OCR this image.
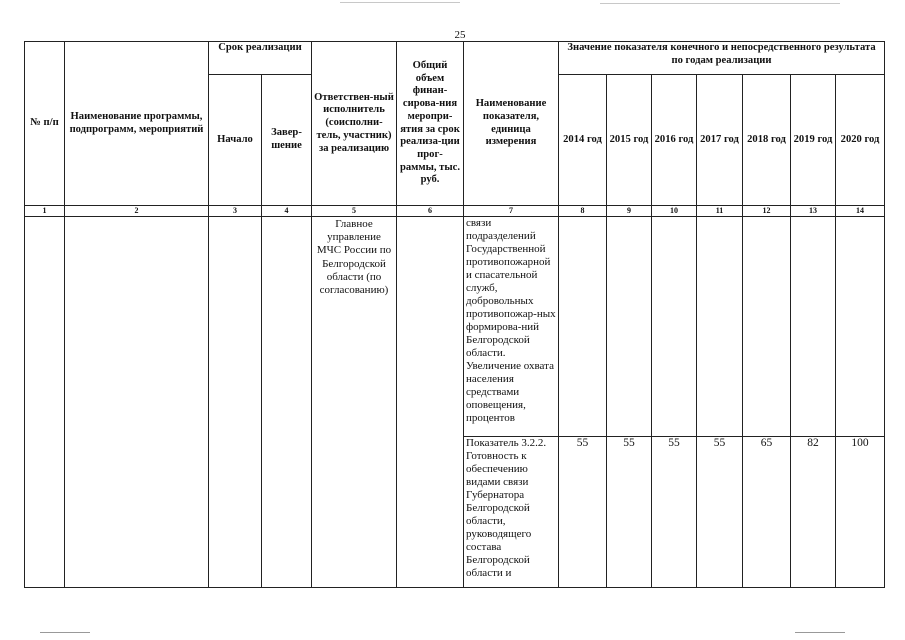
25
№ п/п	Наименование программы, подпрограмм, мероприятий	Срок реализации		Ответствен-ный исполнитель (соисполни-тель, участник) за реализацию	Общий объем финан-сирова-ния меропри-ятия за срок реализа-ции прог-раммы, тыс. руб.	Наименование показателя, единица измерения	Значение показателя конечного и непосредственного результата по годам реализации						
		Начало	Завер-шение				2014 год	2015 год	2016 год	2017 год	2018 год	2019 год	2020 год
1	2	3	4	5	6	7	8	9	10	11	12	13	14
				Главное управление МЧС России по Белгородской области (по согласованию)		связи подразделений Государственной противопожарной и спасательной служб, добровольных противопожар-ных формирова-ний Белгородской области. Увеличение охвата населения средствами оповещения, процентов							
						Показатель 3.2.2. Готовность к обеспечению видами связи Губернатора Белгородской области, руководящего состава Белгородской области и	55	55	55	55	65	82	100
